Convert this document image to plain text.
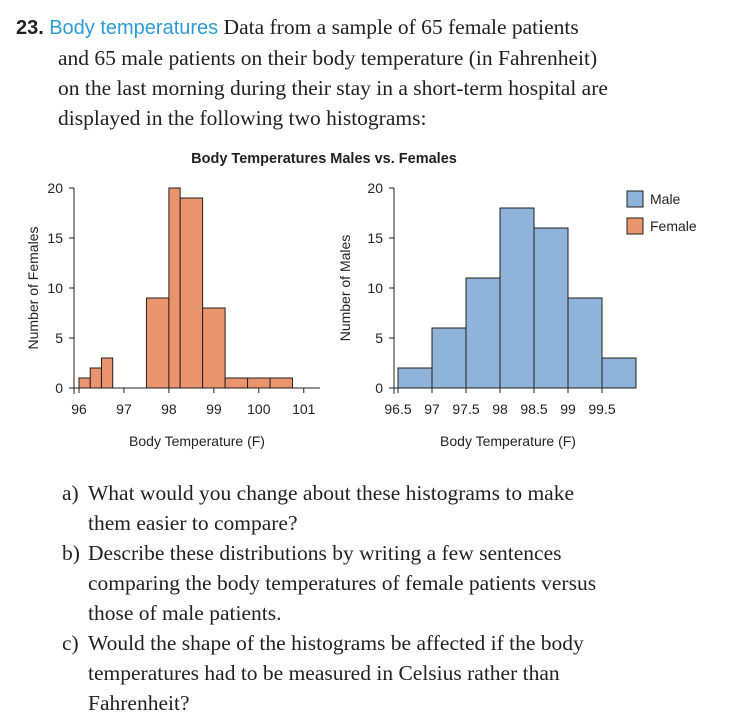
23. Body temperatures Data from a sample of 65 female patients
and 65 male patients on their body temperature (in Fahrenheit)
on the last morning during their stay in a short-term hospital are
displayed in the following two histograms:
Body Temperatures Males vs. Females
0
5
10
15
20
96 97 98 99 100 101
Body Temperature (F)
Number of Females
0
5
10
15
20
96.5 97 97.5 98 98.5 99 99.5
Body Temperature (F)
Number of Males
Male
Female
a) What would you change about these histograms to make
them easier to compare?
b) Describe these distributions by writing a few sentences
comparing the body temperatures of female patients versus
those of male patients.
c) Would the shape of the histograms be affected if the body
temperatures had to be measured in Celsius rather than
Fahrenheit?
